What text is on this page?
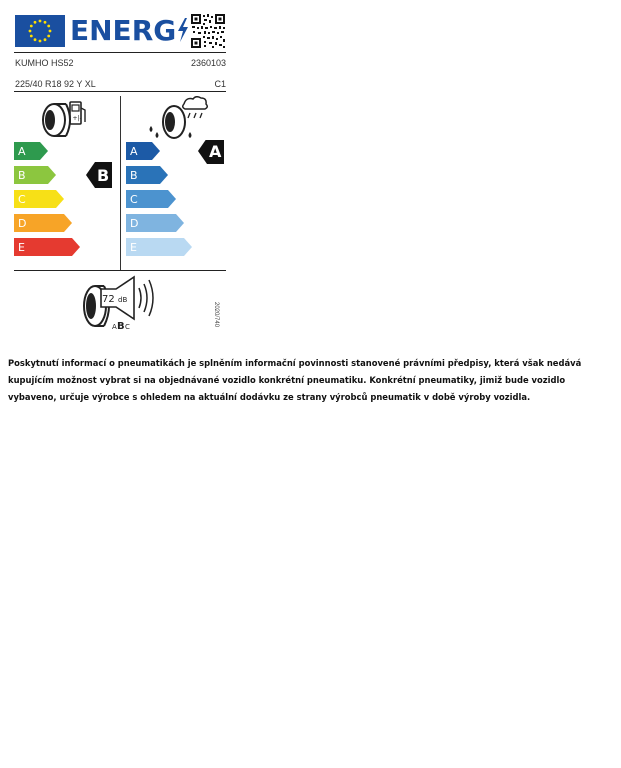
ENERG
KUMHO HS52	2360103
225/40 R18 92 Y XL	C1
+|-
A
B	B
C
D
E
A	A
B
C
D
E
72 dB
A B C	2020/740
Poskytnutí informací o pneumatikách je splněním informační povinnosti stanovené právními předpisy, která však nedává kupujícím možnost vybrat si na objednávané vozidlo konkrétní pneumatiku. Konkrétní pneumatiky, jimiž bude vozidlo vybaveno, určuje výrobce s ohledem na aktuální dodávku ze strany výrobců pneumatik v době výroby vozidla.
